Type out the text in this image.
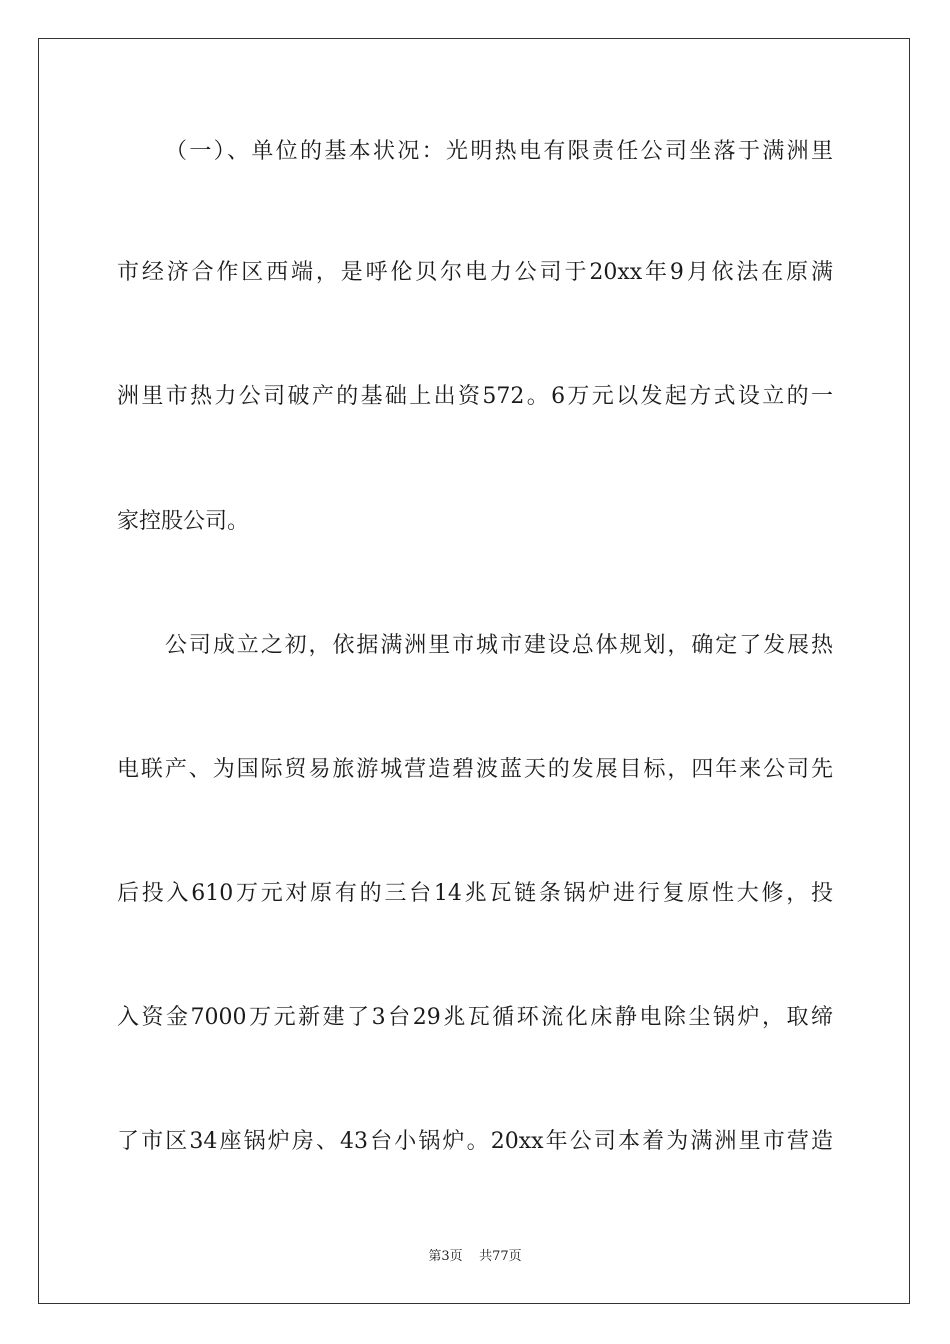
（一）、单位的基本状况：光明热电有限责任公司坐落于满洲里
市经济合作区西端，是呼伦贝尔电力公司于20xx年9月依法在原满
洲里市热力公司破产的基础上出资572。6万元以发起方式设立的一
家控股公司。
公司成立之初，依据满洲里市城市建设总体规划，确定了发展热
电联产、为国际贸易旅游城营造碧波蓝天的发展目标，四年来公司先
后投入610万元对原有的三台14兆瓦链条锅炉进行复原性大修，投
入资金7000万元新建了3台29兆瓦循环流化床静电除尘锅炉，取缔
了市区34座锅炉房、43台小锅炉。20xx年公司本着为满洲里市营造
第3页 共77页
